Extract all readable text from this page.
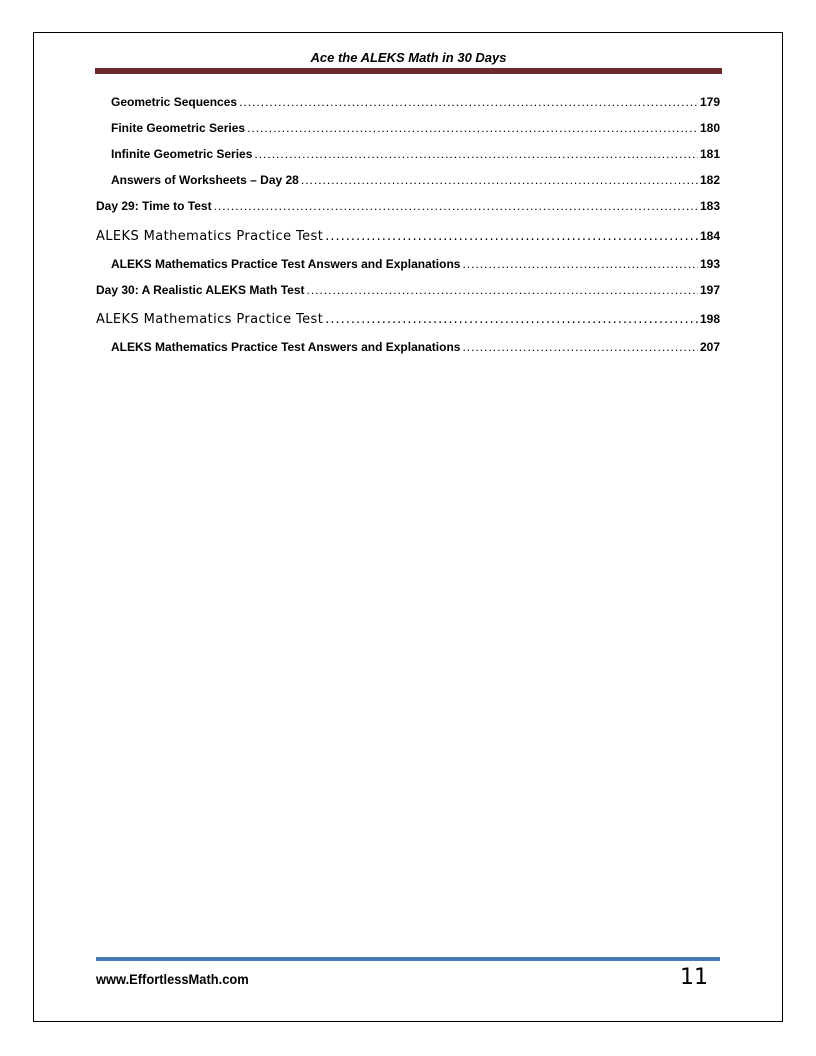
Ace the ALEKS Math in 30 Days
Geometric Sequences .....	179
Finite Geometric Series .....	180
Infinite Geometric Series .....	181
Answers of Worksheets – Day 28 .....	182
Day 29: Time to Test .....	183
ALEKS Mathematics Practice Test .....	184
ALEKS Mathematics Practice Test Answers and Explanations .....	193
Day 30: A Realistic ALEKS Math Test .....	197
ALEKS Mathematics Practice Test .....	198
ALEKS Mathematics Practice Test Answers and Explanations .....	207
www.EffortlessMath.com	11
